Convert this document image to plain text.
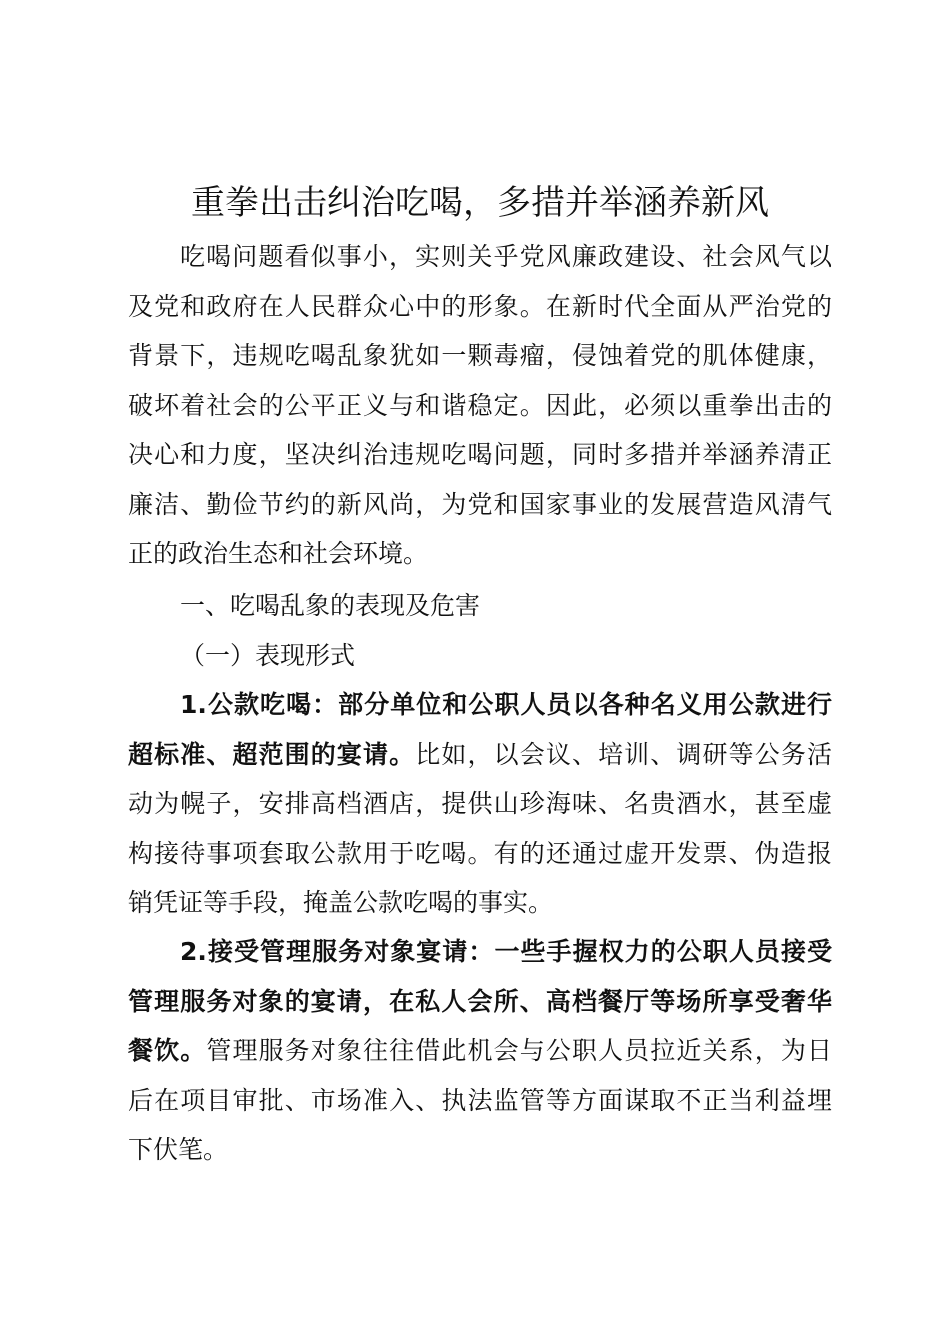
重拳出击纠治吃喝，多措并举涵养新风
吃喝问题看似事小，实则关乎党风廉政建设、社会风气以
及党和政府在人民群众心中的形象。在新时代全面从严治党的
背景下，违规吃喝乱象犹如一颗毒瘤，侵蚀着党的肌体健康，
破坏着社会的公平正义与和谐稳定。因此，必须以重拳出击的
决心和力度，坚决纠治违规吃喝问题，同时多措并举涵养清正
廉洁、勤俭节约的新风尚，为党和国家事业的发展营造风清气
正的政治生态和社会环境。
一、吃喝乱象的表现及危害
（一）表现形式
1.公款吃喝：部分单位和公职人员以各种名义用公款进行
超标准、超范围的宴请。比如，以会议、培训、调研等公务活
动为幌子，安排高档酒店，提供山珍海味、名贵酒水，甚至虚
构接待事项套取公款用于吃喝。有的还通过虚开发票、伪造报
销凭证等手段，掩盖公款吃喝的事实。
2.接受管理服务对象宴请：一些手握权力的公职人员接受
管理服务对象的宴请，在私人会所、高档餐厅等场所享受奢华
餐饮。管理服务对象往往借此机会与公职人员拉近关系，为日
后在项目审批、市场准入、执法监管等方面谋取不正当利益埋
下伏笔。
